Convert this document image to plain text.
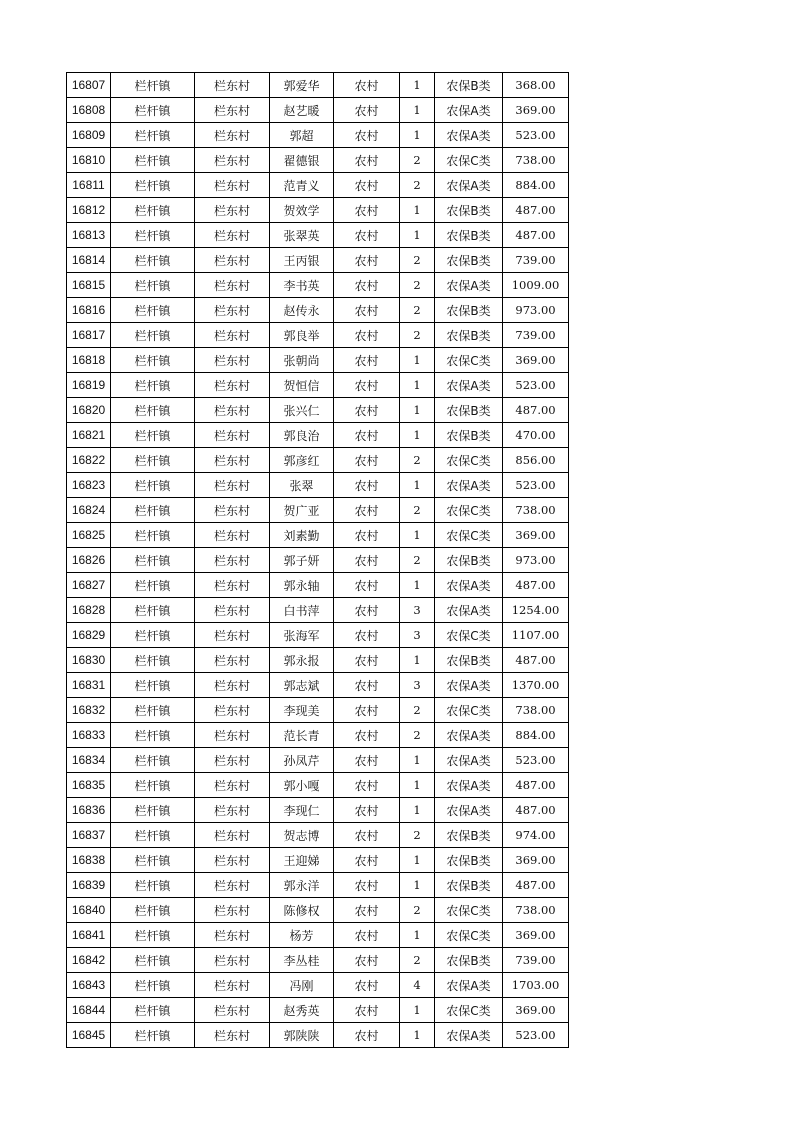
16807	栏杆镇	栏东村	郭爱华	农村	1	农保B类	368.00
16808	栏杆镇	栏东村	赵艺暖	农村	1	农保A类	369.00
16809	栏杆镇	栏东村	郭超	农村	1	农保A类	523.00
16810	栏杆镇	栏东村	翟德银	农村	2	农保C类	738.00
16811	栏杆镇	栏东村	范青义	农村	2	农保A类	884.00
16812	栏杆镇	栏东村	贺效学	农村	1	农保B类	487.00
16813	栏杆镇	栏东村	张翠英	农村	1	农保B类	487.00
16814	栏杆镇	栏东村	王丙银	农村	2	农保B类	739.00
16815	栏杆镇	栏东村	李书英	农村	2	农保A类	1009.00
16816	栏杆镇	栏东村	赵传永	农村	2	农保B类	973.00
16817	栏杆镇	栏东村	郭良举	农村	2	农保B类	739.00
16818	栏杆镇	栏东村	张朝尚	农村	1	农保C类	369.00
16819	栏杆镇	栏东村	贺恒信	农村	1	农保A类	523.00
16820	栏杆镇	栏东村	张兴仁	农村	1	农保B类	487.00
16821	栏杆镇	栏东村	郭良治	农村	1	农保B类	470.00
16822	栏杆镇	栏东村	郭彦红	农村	2	农保C类	856.00
16823	栏杆镇	栏东村	张翠	农村	1	农保A类	523.00
16824	栏杆镇	栏东村	贺广亚	农村	2	农保C类	738.00
16825	栏杆镇	栏东村	刘素勤	农村	1	农保C类	369.00
16826	栏杆镇	栏东村	郭子妍	农村	2	农保B类	973.00
16827	栏杆镇	栏东村	郭永轴	农村	1	农保A类	487.00
16828	栏杆镇	栏东村	白书萍	农村	3	农保A类	1254.00
16829	栏杆镇	栏东村	张海军	农村	3	农保C类	1107.00
16830	栏杆镇	栏东村	郭永报	农村	1	农保B类	487.00
16831	栏杆镇	栏东村	郭志斌	农村	3	农保A类	1370.00
16832	栏杆镇	栏东村	李现美	农村	2	农保C类	738.00
16833	栏杆镇	栏东村	范长青	农村	2	农保A类	884.00
16834	栏杆镇	栏东村	孙凤芹	农村	1	农保A类	523.00
16835	栏杆镇	栏东村	郭小嘎	农村	1	农保A类	487.00
16836	栏杆镇	栏东村	李现仁	农村	1	农保A类	487.00
16837	栏杆镇	栏东村	贺志博	农村	2	农保B类	974.00
16838	栏杆镇	栏东村	王迎娣	农村	1	农保B类	369.00
16839	栏杆镇	栏东村	郭永洋	农村	1	农保B类	487.00
16840	栏杆镇	栏东村	陈修权	农村	2	农保C类	738.00
16841	栏杆镇	栏东村	杨芳	农村	1	农保C类	369.00
16842	栏杆镇	栏东村	李丛桂	农村	2	农保B类	739.00
16843	栏杆镇	栏东村	冯刚	农村	4	农保A类	1703.00
16844	栏杆镇	栏东村	赵秀英	农村	1	农保C类	369.00
16845	栏杆镇	栏东村	郭陕陕	农村	1	农保A类	523.00
